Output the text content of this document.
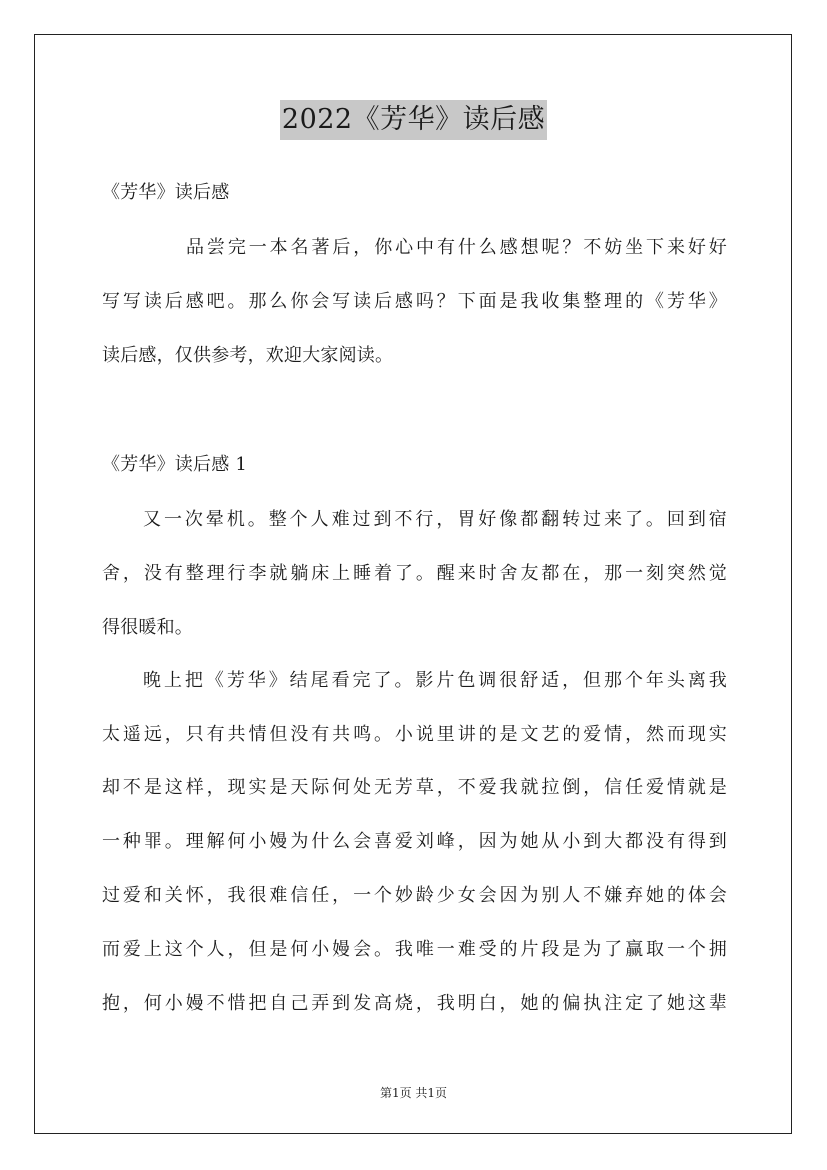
2022《芳华》读后感
《芳华》读后感
品尝完一本名著后，你心中有什么感想呢？不妨坐下来好好
写写读后感吧。那么你会写读后感吗？下面是我收集整理的《芳华》
读后感，仅供参考，欢迎大家阅读。
《芳华》读后感 1
又一次晕机。整个人难过到不行，胃好像都翻转过来了。回到宿
舍，没有整理行李就躺床上睡着了。醒来时舍友都在，那一刻突然觉
得很暖和。
晚上把《芳华》结尾看完了。影片色调很舒适，但那个年头离我
太遥远，只有共情但没有共鸣。小说里讲的是文艺的爱情，然而现实
却不是这样，现实是天际何处无芳草，不爱我就拉倒，信任爱情就是
一种罪。理解何小嫚为什么会喜爱刘峰，因为她从小到大都没有得到
过爱和关怀，我很难信任，一个妙龄少女会因为别人不嫌弃她的体会
而爱上这个人，但是何小嫚会。我唯一难受的片段是为了赢取一个拥
抱，何小嫚不惜把自己弄到发高烧，我明白，她的偏执注定了她这辈
第1页 共1页
